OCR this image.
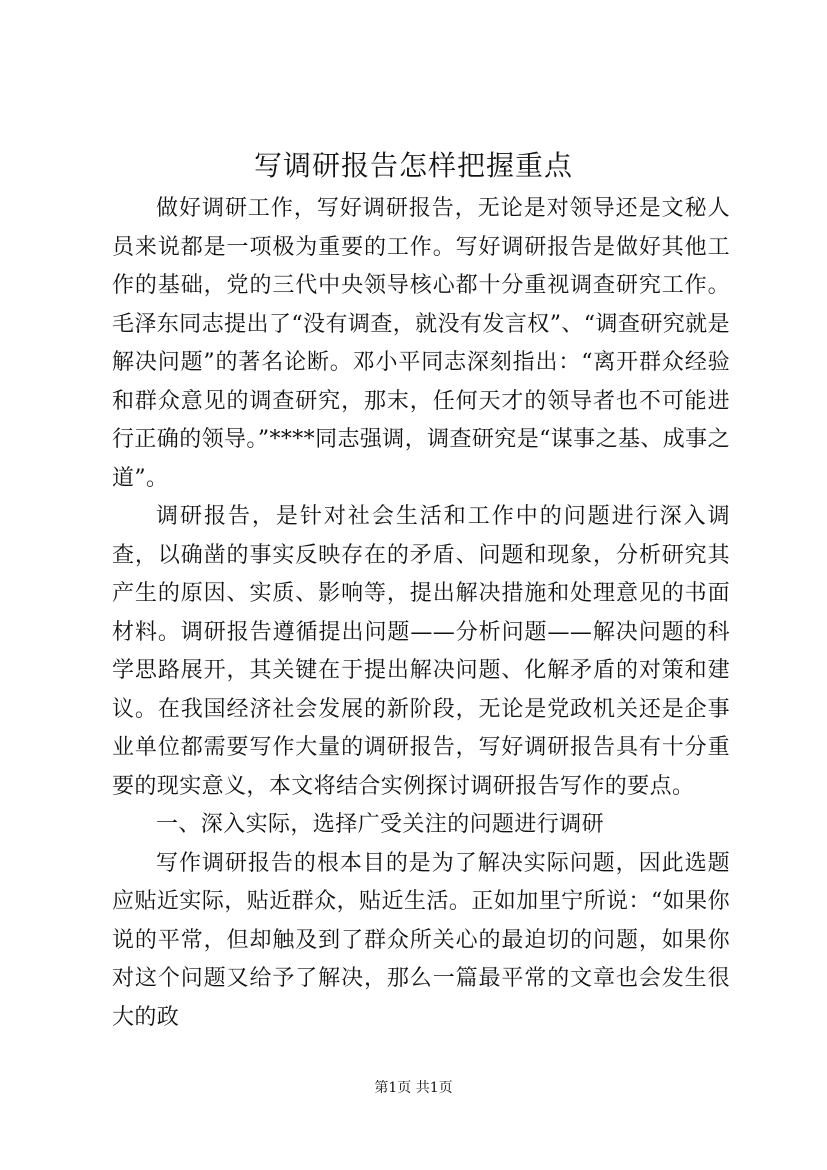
写调研报告怎样把握重点

做好调研工作，写好调研报告，无论是对领导还是文秘人员来说都是一项极为重要的工作。写好调研报告是做好其他工作的基础，党的三代中央领导核心都十分重视调查研究工作。毛泽东同志提出了“没有调查，就没有发言权”、“调查研究就是解决问题”的著名论断。邓小平同志深刻指出：“离开群众经验和群众意见的调查研究，那末，任何天才的领导者也不可能进行正确的领导。”****同志强调，调查研究是“谋事之基、成事之道”。

调研报告，是针对社会生活和工作中的问题进行深入调查，以确凿的事实反映存在的矛盾、问题和现象，分析研究其产生的原因、实质、影响等，提出解决措施和处理意见的书面材料。调研报告遵循提出问题——分析问题——解决问题的科学思路展开，其关键在于提出解决问题、化解矛盾的对策和建议。在我国经济社会发展的新阶段，无论是党政机关还是企事业单位都需要写作大量的调研报告，写好调研报告具有十分重要的现实意义，本文将结合实例探讨调研报告写作的要点。

一、深入实际，选择广受关注的问题进行调研

写作调研报告的根本目的是为了解决实际问题，因此选题应贴近实际，贴近群众，贴近生活。正如加里宁所说：“如果你说的平常，但却触及到了群众所关心的最迫切的问题，如果你对这个问题又给予了解决，那么一篇最平常的文章也会发生很大的政

第1页 共1页
